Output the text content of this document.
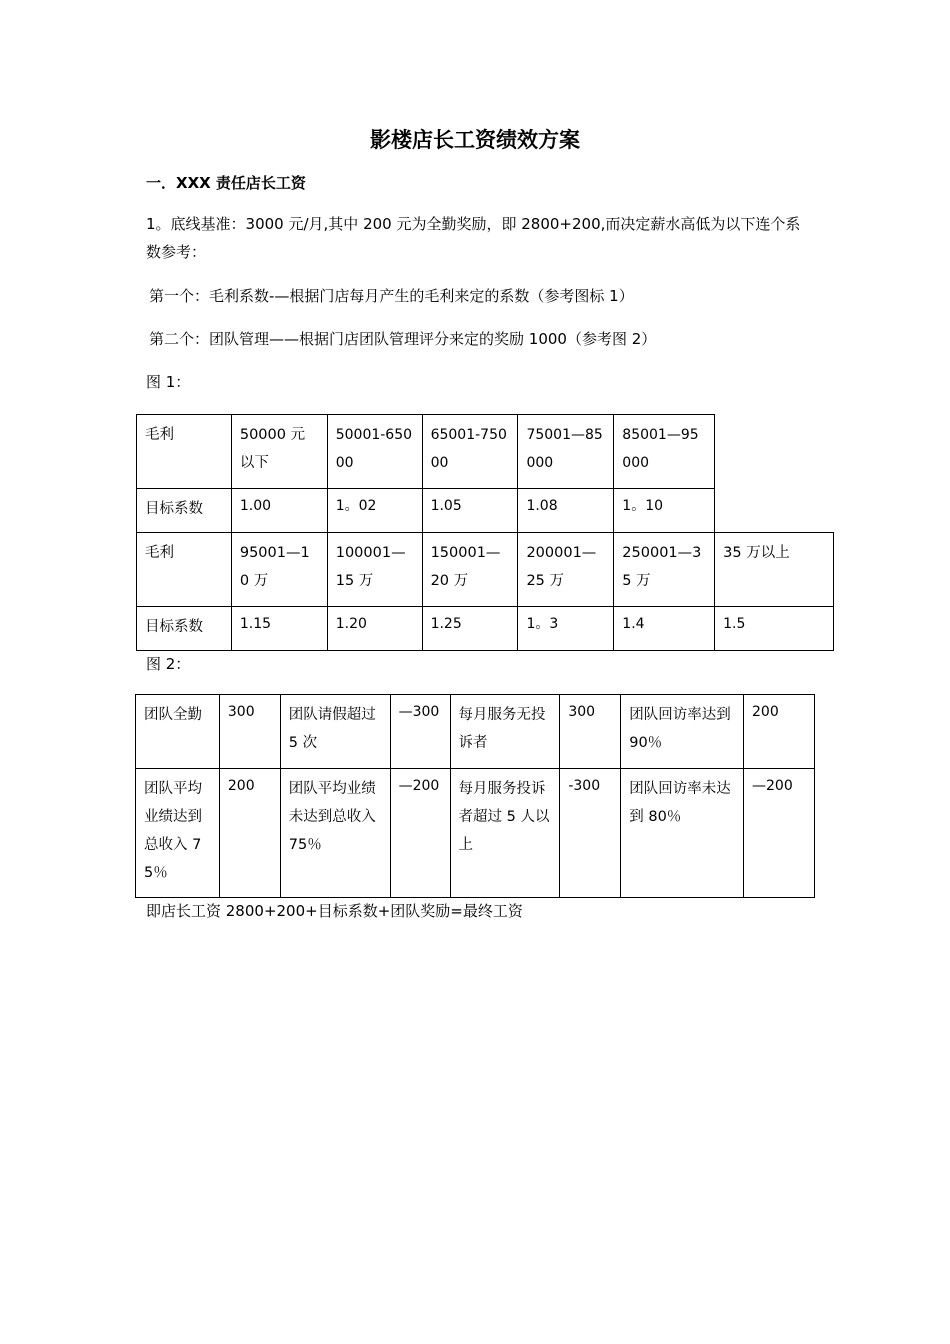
影楼店长工资绩效方案
一．XXX 责任店长工资
1。底线基准：3000 元/月,其中 200 元为全勤奖励，即 2800+200,而决定薪水高低为以下连个系数参考：
第一个：毛利系数-—根据门店每月产生的毛利来定的系数（参考图标 1）
第二个：团队管理——根据门店团队管理评分来定的奖励 1000（参考图 2）
图 1：
毛利	50000 元以下	50001-65000	65001-75000	75001—85000	85001—95000	
目标系数	1.00	1。02	1.05	1.08	1。10	
毛利	95001—10 万	100001—15 万	150001—20 万	200001—25 万	250001—35 万	35 万以上
目标系数	1.15	1.20	1.25	1。3	1.4	1.5
图 2：
团队全勤	300	团队请假超过 5 次	—300	每月服务无投诉者	300	团队回访率达到 90％	200
团队平均业绩达到总收入 75％	200	团队平均业绩未达到总收入 75％	—200	每月服务投诉者超过 5 人以上	-300	团队回访率未达到 80％	—200
即店长工资 2800+200+目标系数+团队奖励=最终工资
